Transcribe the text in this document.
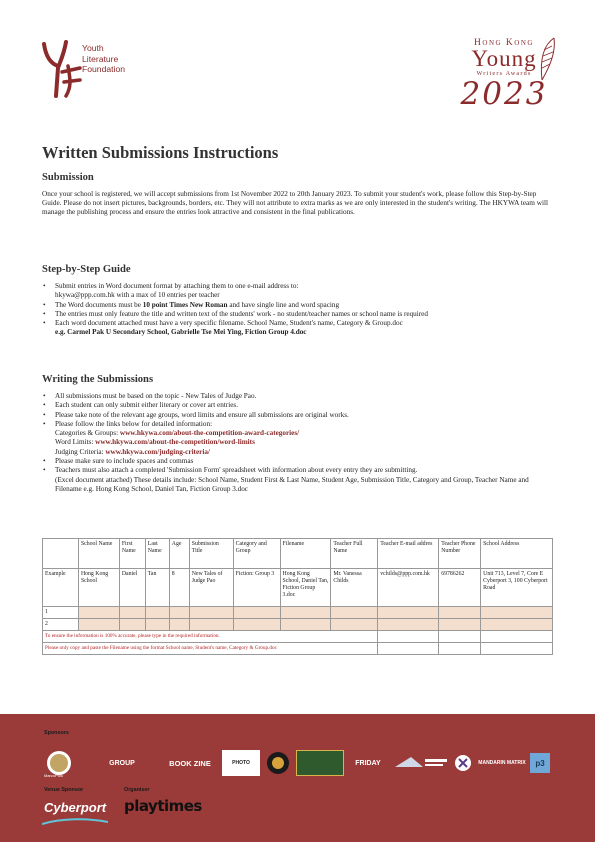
Youth
Literature
Foundation
Hong Kong
Young
Writers Awards
2023
Written Submissions Instructions
Submission
Once your school is registered, we will accept submissions from 1st November 2022 to 20th January 2023. To submit your student's work, please follow this Step-by-Step Guide. Please do not insert pictures, backgrounds, borders, etc. They will not attribute to extra marks as we are only interested in the student's writing. The HKYWA team will manage the publishing process and ensure the entries look attractive and consistent in the final publications.
Step-by-Step Guide
• Submit entries in Word document format by attaching them to one e-mail address to:
hkywa@ppp.com.hk with a max of 10 entries per teacher
• The Word documents must be 10 point Times New Roman and have single line and word spacing
• The entries must only feature the title and written text of the students' work - no student/teacher names or school name is required
• Each word document attached must have a very specific filename. School Name, Student's name, Category & Group.doc
e.g. Carmel Pak U Secondary School, Gabrielle Tse Mei Ying, Fiction Group 4.doc
Writing the Submissions
• All submissions must be based on the topic - New Tales of Judge Pao.
• Each student can only submit either literary or cover art entries.
• Please take note of the relevant age groups, word limits and ensure all submissions are original works.
• Please follow the links below for detailed information:
Categories & Groups: www.hkywa.com/about-the-competition-award-categories/
Word Limits: www.hkywa.com/about-the-competition/word-limits
Judging Criteria: www.hkywa.com/judging-criteria/
• Please make sure to include spaces and commas
• Teachers must also attach a completed 'Submission Form' spreadsheet with information about every entry they are submitting.
(Excel document attached) These details include: School Name, Student First & Last Name, Student Age, Submission Title, Category and Group, Teacher Name and Filename e.g. Hong Kong School, Daniel Tan, Fiction Group 3.doc
	School Name	First Name	Last Name	Age	Submission Title	Category and Group	Filename	Teacher Full Name	Teacher E-mail addres	Teacher Phone Number	School Address
Example	Hong Kong School	Daniel	Tan	8	New Tales of Judge Pao	Fiction: Group 3	Hong Kong School, Daniel Tan, Fiction Group 3.doc	Mr. Vanessa Childs	vchilds@ppp.com.hk	69786262	Unit 713, Level 7, Core E Cyberport 3, 100 Cyberport Road
1											
2											
To ensure the information is 100% accurate, please type in the required information.											
Please only copy and paste the Filename using the format School name, Student's name, Category & Group.doc											
Sponsors
MarcoPolo
GROUP	BOOK ZINE	PHOTO	FRIDAY	MANDARIN MATRIX	p3
Venue Sponsor	Organiser
Cyberport playtimes
